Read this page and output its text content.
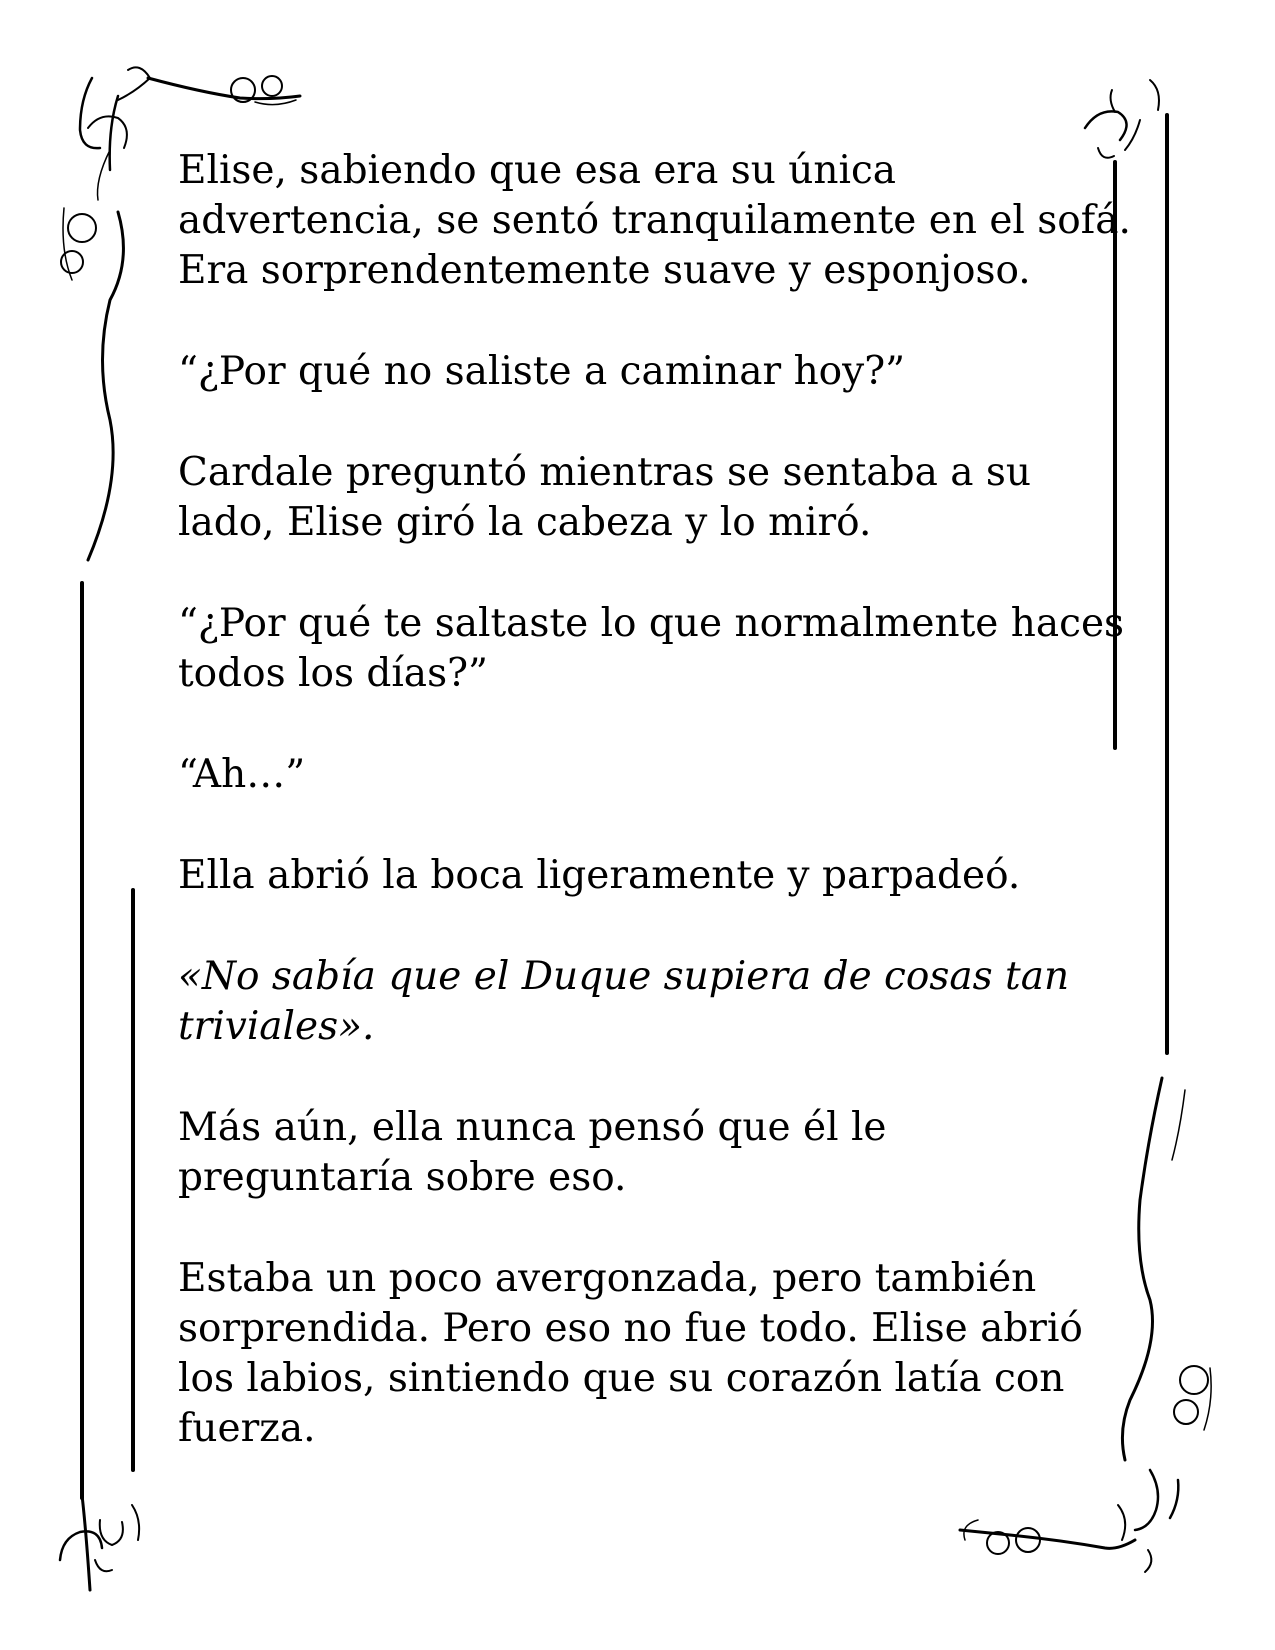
Elise, sabiendo que esa era su única
advertencia, se sentó tranquilamente en el sofá.
Era sorprendentemente suave y esponjoso.

“¿Por qué no saliste a caminar hoy?”

Cardale preguntó mientras se sentaba a su
lado, Elise giró la cabeza y lo miró.

“¿Por qué te saltaste lo que normalmente haces
todos los días?”

“Ah…”

Ella abrió la boca ligeramente y parpadeó.

«No sabía que el Duque supiera de cosas tan
triviales».

Más aún, ella nunca pensó que él le
preguntaría sobre eso.

Estaba un poco avergonzada, pero también
sorprendida. Pero eso no fue todo. Elise abrió
los labios, sintiendo que su corazón latía con
fuerza.
